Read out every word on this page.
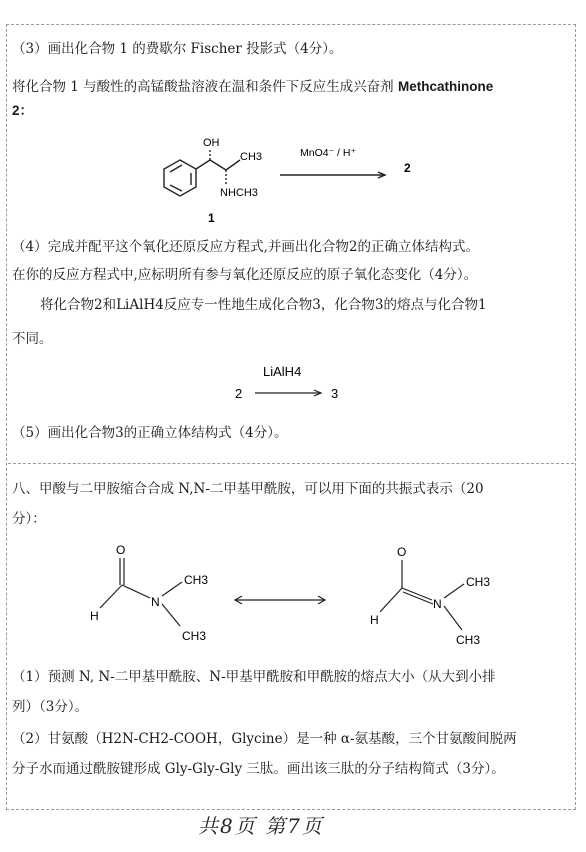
（3）画出化合物 1 的费歇尔 Fischer 投影式（4分）。
将化合物 1 与酸性的高锰酸盐溶液在温和条件下反应生成兴奋剂 Methcathinone
2：
OH
CH3
NHCH3
MnO4⁻ / H⁺
2
1
（4）完成并配平这个氧化还原反应方程式,并画出化合物2的正确立体结构式。
在你的反应方程式中,应标明所有参与氧化还原反应的原子氧化态变化（4分）。
将化合物2和LiAlH4反应专一性地生成化合物3，化合物3的熔点与化合物1
不同。
LiAlH4
2	3
（5）画出化合物3的正确立体结构式（4分）。
八、甲酸与二甲胺缩合合成 N,N-二甲基甲酰胺，可以用下面的共振式表示（20
分）：
O
H
N
CH3
CH3
O
H
N
CH3
CH3
（1）预测 N, N-二甲基甲酰胺、N-甲基甲酰胺和甲酰胺的熔点大小（从大到小排
列）（3分）。
（2）甘氨酸（H2N-CH2-COOH，Glycine）是一种 α-氨基酸，三个甘氨酸间脱两
分子水而通过酰胺键形成 Gly-Gly-Gly 三肽。画出该三肽的分子结构简式（3分）。
共8页 第7页
